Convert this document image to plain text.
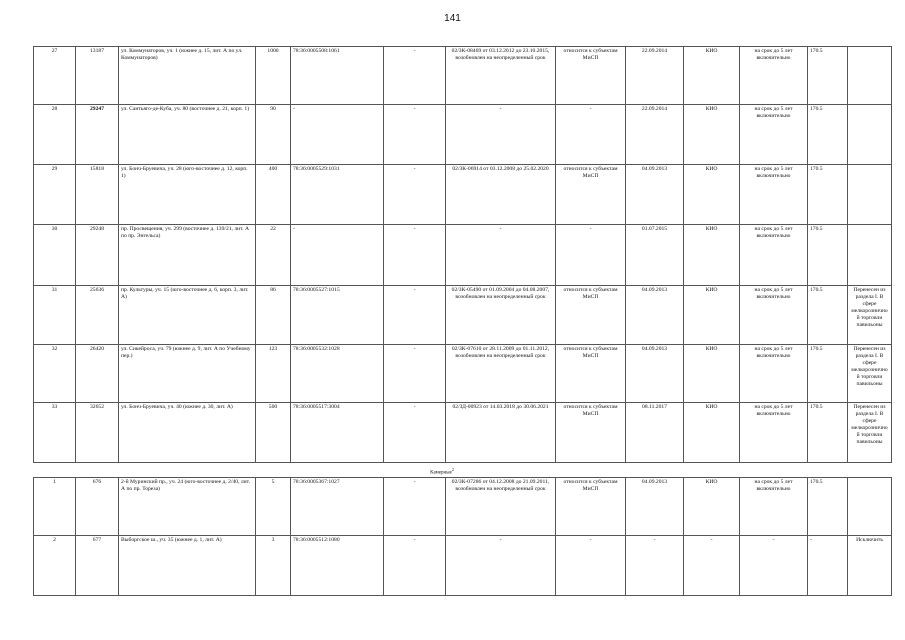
141
27	13187	ул. Коммунаторов, уч. 1 (южнее д. 15, лит. А по ул. Коммунаторов)	1000	78:36:0005508:1061	-	02/ЗК-08469 от 03.12.2012 до 23.10.2015, возобновлен на неопределенный срок	относится к субъектам МиСП	22.09.2014	КИО	на срок до 5 лет включительно	170.5	
28	29247	ул. Сантьяго-де-Куба, уч. 80 (восточнее д. 21, корп. 1)	90	-	-	-	-	22.09.2014	КИО	на срок до 5 лет включительно	170.5	
29	15818	ул. Бонч-Бруевича, уч. 28 (юго-восточнее д. 12, корп. 1)	400	78:36:0005529:1031	-	02/ЗК-06914 от 03.12.2008 до 25.02.2020	относится к субъектам МиСП	04.09.2013	КИО	на срок до 5 лет включительно	170.5	
30	29248	пр. Просвещения, уч. 299 (восточнее д. 139/21, лит. А по пр. Энгельса)	22	-	-	-	-	01.07.2015	КИО	на срок до 5 лет включительно	170.5	
31	25636	пр. Культуры, уч. 15 (юго-восточнее д. 6, корп. 3, лит. А)	86	78:36:0005527:1015	-	02/ЗК-05490 от 01.09.2004 до 04.08.2007, возобновлен на неопределенный срок	относится к субъектам МиСП	04.09.2013	КИО	на срок до 5 лет включительно	170.5	Перенесен из раздела I. В сфере мелкорозничной торговли павильоны
32	26420	ул. Сикейроса, уч. 79 (южнее д. 9, лит. А по Учебному пер.)	123	78:36:0005532:1028	-	02/ЗК-07610 от 28.11.2009 до 01.11.2012, возобновлен на неопределенный срок	относится к субъектам МиСП	04.09.2013	КИО	на срок до 5 лет включительно	170.5	Перенесен из раздела I. В сфере мелкорозничной торговли павильоны
33	32652	ул. Бонч-Бруевича, уч. 40 (южнее д. 30, лит. А)	500	78:36:0005517:3004	-	02/ЗД-00923 от 14.03.2018 до 30.06.2021	относится к субъектам МиСП	08.11.2017	КИО	на срок до 5 лет включительно	170.5	Перенесен из раздела I. В сфере мелкорозничной торговли павильоны
Камерные$^2$
1	676	2-й Муринский пр., уч. 24 (юго-восточнее д. 2/40, лит. А по пр. Тореза)	5	78:36:0005367:1027	-	02/ЗК-07286 от 04.12.2008 до 21.09.2011, возобновлен на неопределенный срок	относится к субъектам МиСП	04.09.2013	КИО	на срок до 5 лет включительно	170.5	
2	677	Выборгское ш., уч. 35 (южнее д. 1, лит. А)	3	78:36:0005512:1080	-	-	-	-	-	-	-	Исключить
